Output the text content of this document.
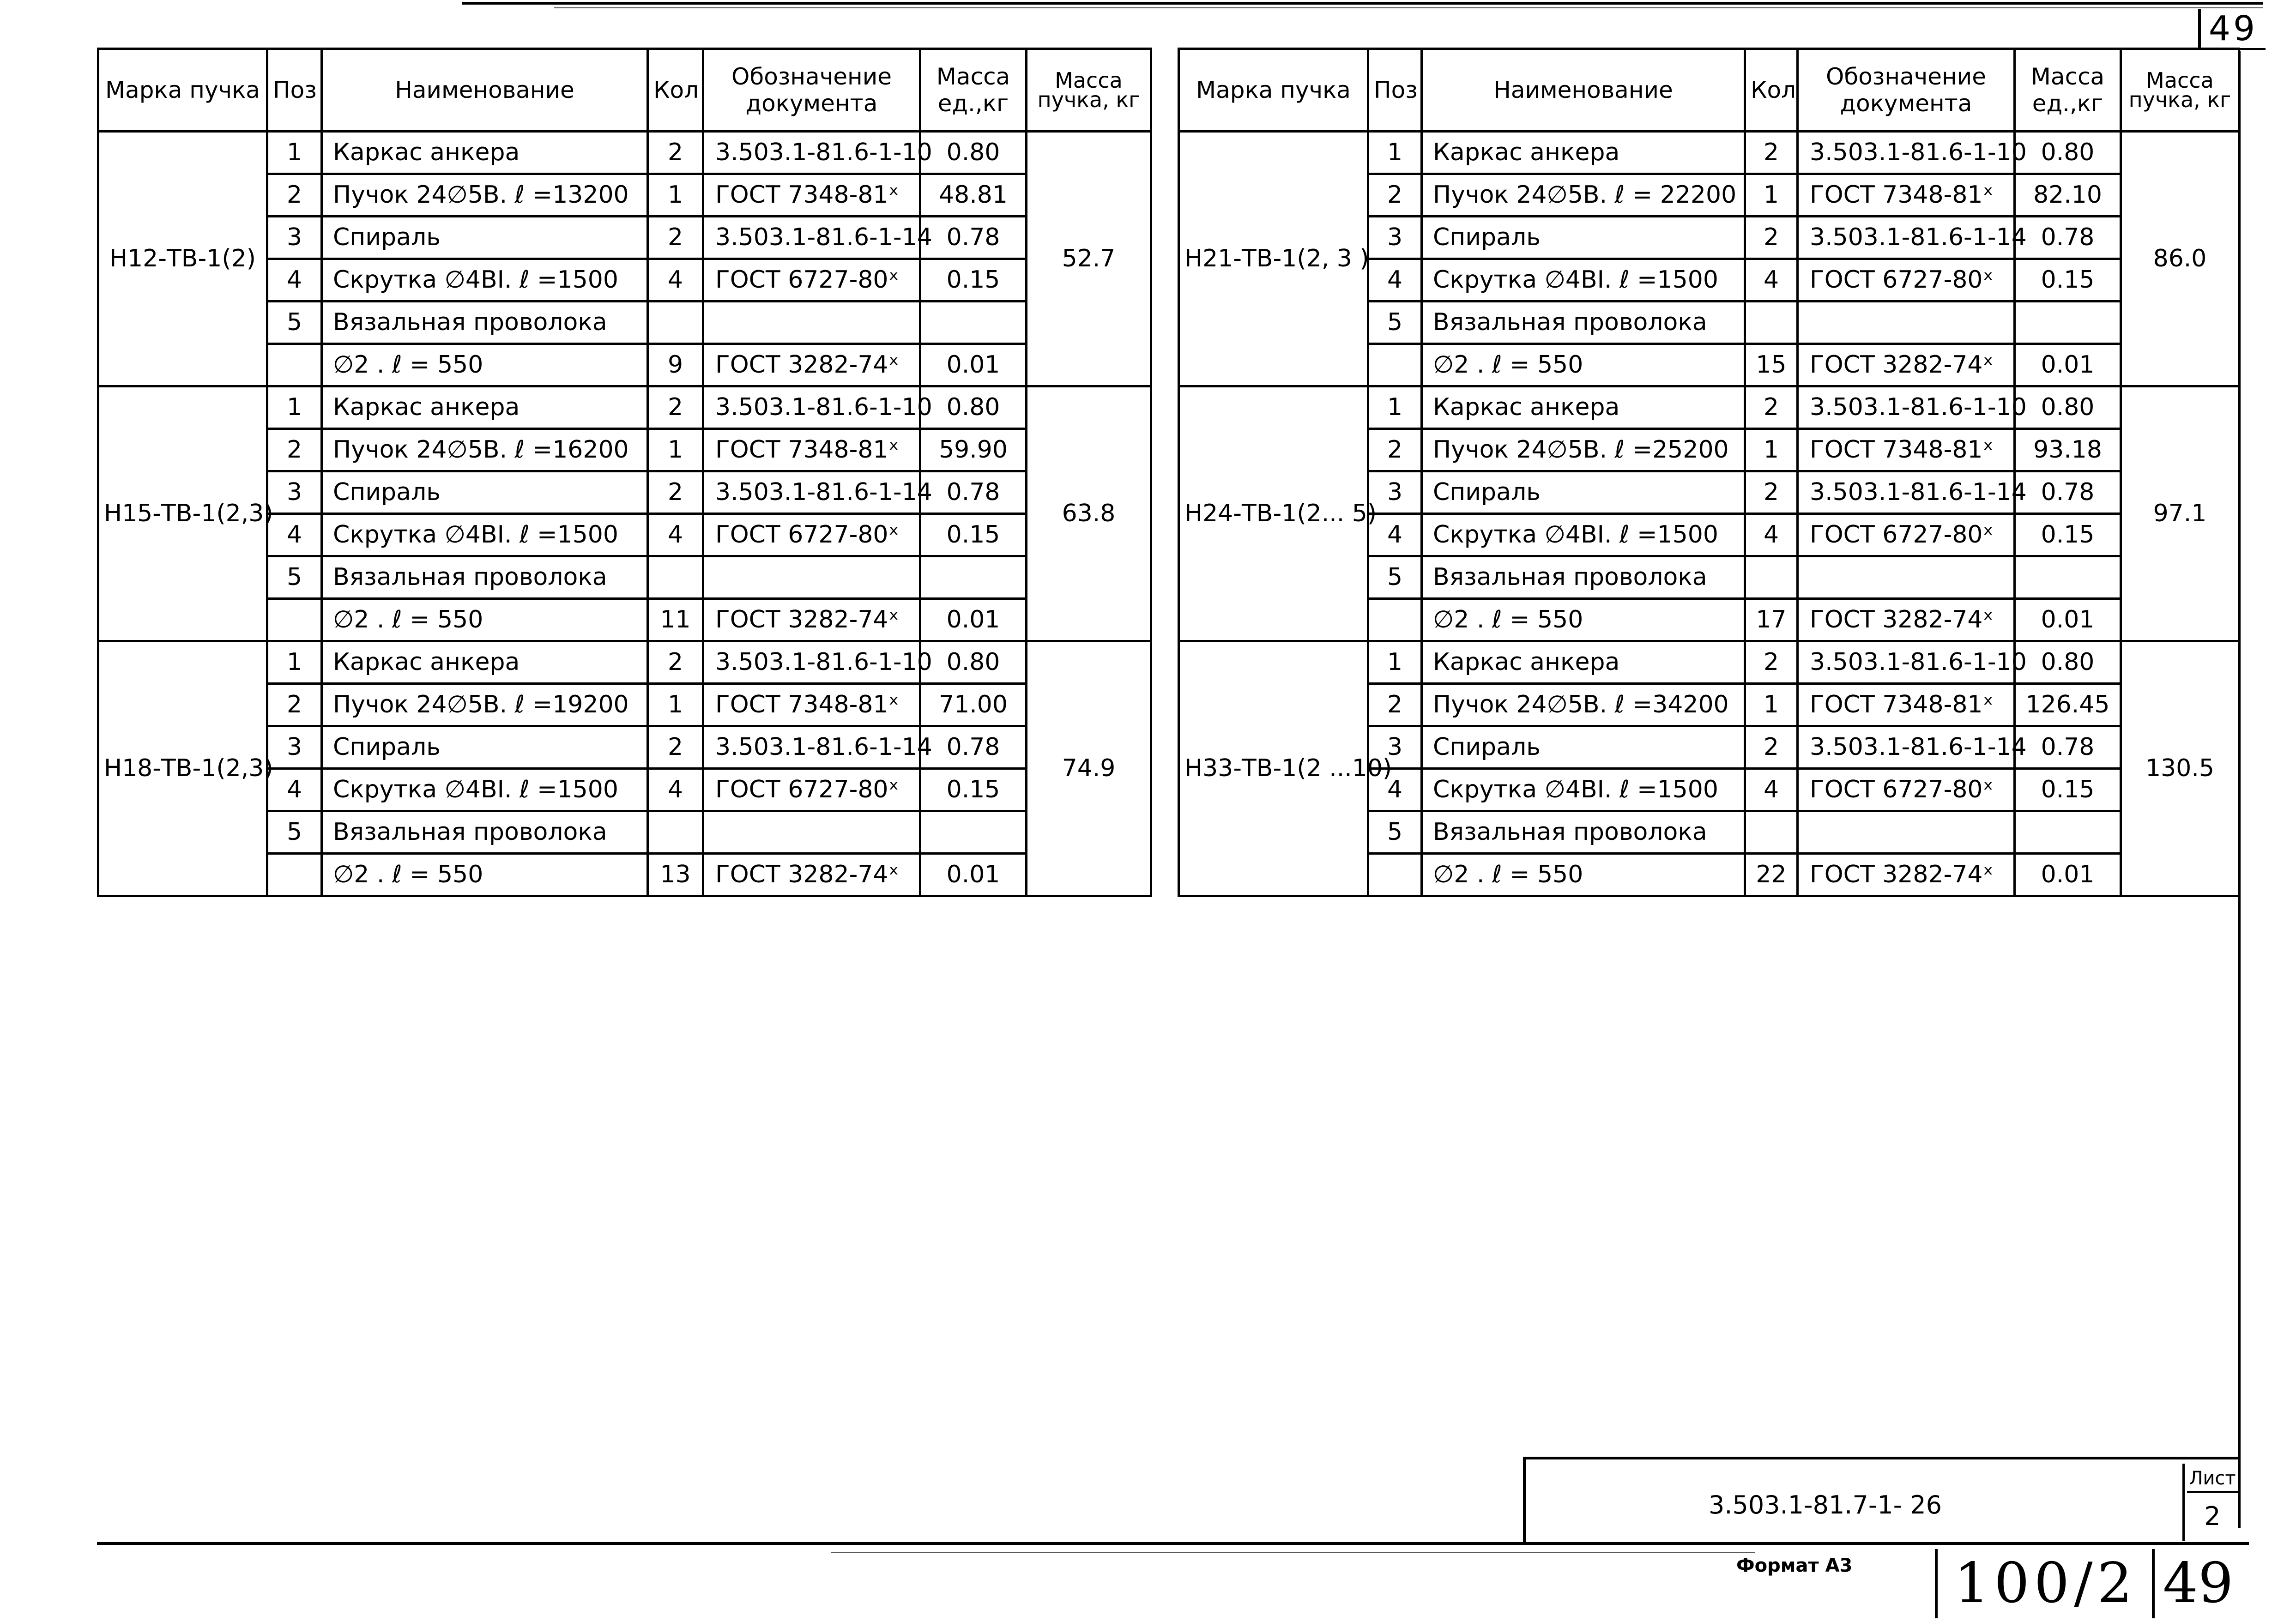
49
Марка пучка	Поз	Наименование	Кол	Обозначение документа	Масса ед.,кг	Масса пучка, кг
Н12-ТВ-1(2)	1	Каркас анкера	2	3.503.1-81.6-1-10	0.80	52.7
	2	Пучок 24∅5В. ℓ =13200	1	ГОСТ 7348-81ˣ	48.81	
	3	Спираль	2	3.503.1-81.6-1-14	0.78	
	4	Скрутка ∅4ВI. ℓ =1500	4	ГОСТ 6727-80ˣ	0.15	
	5	Вязальная проволока				
		∅2 . ℓ = 550	9	ГОСТ 3282-74ˣ	0.01	
Н15-ТВ-1(2,3)	1	Каркас анкера	2	3.503.1-81.6-1-10	0.80	63.8
	2	Пучок 24∅5В. ℓ =16200	1	ГОСТ 7348-81ˣ	59.90	
	3	Спираль	2	3.503.1-81.6-1-14	0.78	
	4	Скрутка ∅4ВI. ℓ =1500	4	ГОСТ 6727-80ˣ	0.15	
	5	Вязальная проволока				
		∅2 . ℓ = 550	11	ГОСТ 3282-74ˣ	0.01	
Н18-ТВ-1(2,3)	1	Каркас анкера	2	3.503.1-81.6-1-10	0.80	74.9
	2	Пучок 24∅5В. ℓ =19200	1	ГОСТ 7348-81ˣ	71.00	
	3	Спираль	2	3.503.1-81.6-1-14	0.78	
	4	Скрутка ∅4ВI. ℓ =1500	4	ГОСТ 6727-80ˣ	0.15	
	5	Вязальная проволока				
		∅2 . ℓ = 550	13	ГОСТ 3282-74ˣ	0.01	
Марка пучка	Поз	Наименование	Кол	Обозначение документа	Масса ед.,кг	Масса пучка, кг
Н21-ТВ-1(2, 3 )	1	Каркас анкера	2	3.503.1-81.6-1-10	0.80	86.0
	2	Пучок 24∅5В. ℓ = 22200	1	ГОСТ 7348-81ˣ	82.10	
	3	Спираль	2	3.503.1-81.6-1-14	0.78	
	4	Скрутка ∅4ВI. ℓ =1500	4	ГОСТ 6727-80ˣ	0.15	
	5	Вязальная проволока				
		∅2 . ℓ = 550	15	ГОСТ 3282-74ˣ	0.01	
Н24-ТВ-1(2... 5)	1	Каркас анкера	2	3.503.1-81.6-1-10	0.80	97.1
	2	Пучок 24∅5В. ℓ =25200	1	ГОСТ 7348-81ˣ	93.18	
	3	Спираль	2	3.503.1-81.6-1-14	0.78	
	4	Скрутка ∅4ВI. ℓ =1500	4	ГОСТ 6727-80ˣ	0.15	
	5	Вязальная проволока				
		∅2 . ℓ = 550	17	ГОСТ 3282-74ˣ	0.01	
Н33-ТВ-1(2 ...10)	1	Каркас анкера	2	3.503.1-81.6-1-10	0.80	130.5
	2	Пучок 24∅5В. ℓ =34200	1	ГОСТ 7348-81ˣ	126.45	
	3	Спираль	2	3.503.1-81.6-1-14	0.78	
	4	Скрутка ∅4ВI. ℓ =1500	4	ГОСТ 6727-80ˣ	0.15	
	5	Вязальная проволока				
		∅2 . ℓ = 550	22	ГОСТ 3282-74ˣ	0.01	
3.503.1-81.7-1- 26
Лист
2
Формат А3 100/2 49
